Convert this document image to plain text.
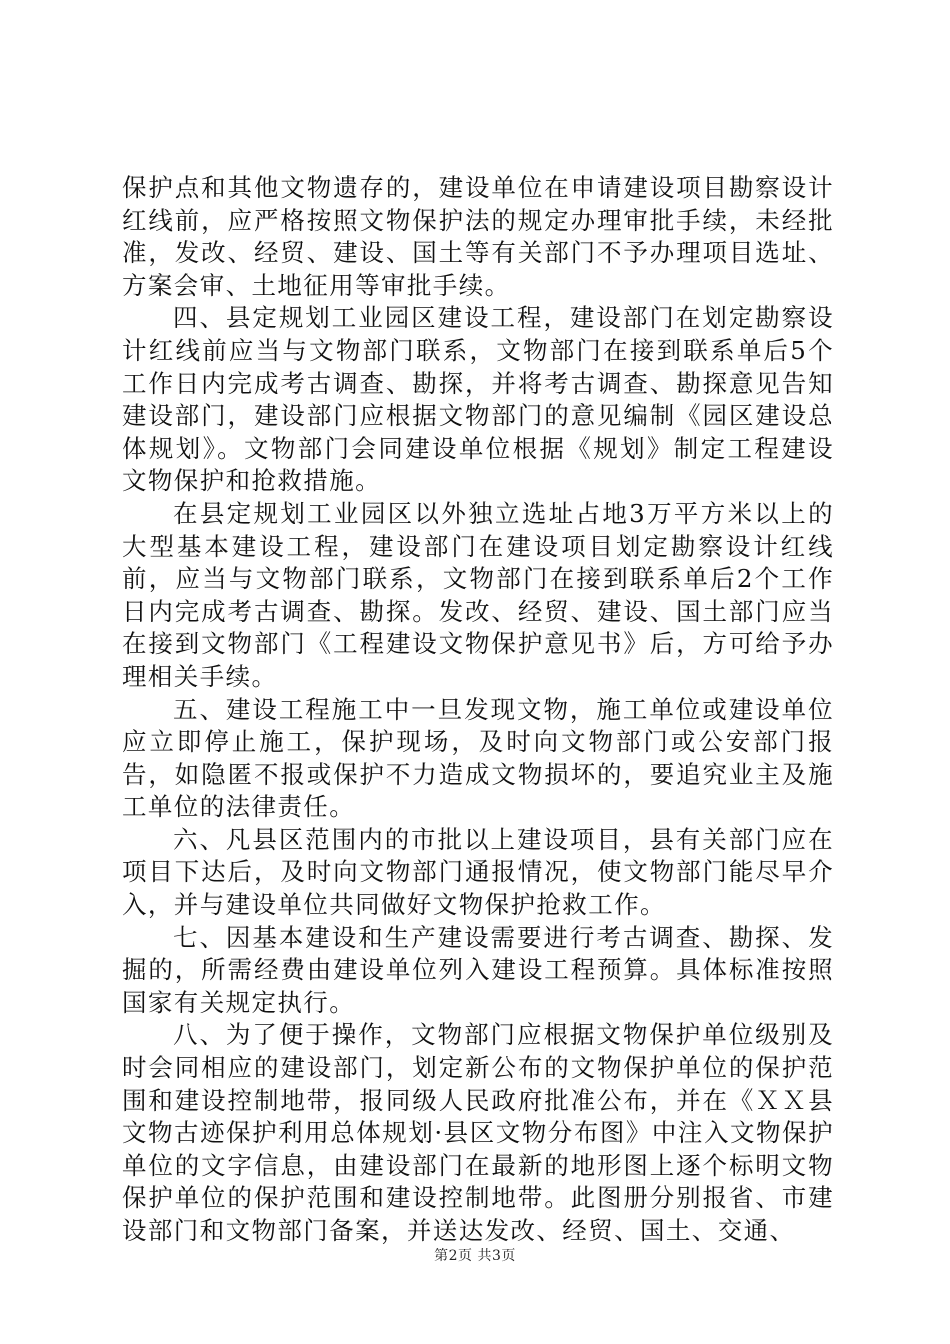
保护点和其他文物遗存的，建设单位在申请建设项目勘察设计红线前，应严格按照文物保护法的规定办理审批手续，未经批准，发改、经贸、建设、国土等有关部门不予办理项目选址、方案会审、土地征用等审批手续。

四、县定规划工业园区建设工程，建设部门在划定勘察设计红线前应当与文物部门联系，文物部门在接到联系单后5个工作日内完成考古调查、勘探，并将考古调查、勘探意见告知建设部门，建设部门应根据文物部门的意见编制《园区建设总体规划》。文物部门会同建设单位根据《规划》制定工程建设文物保护和抢救措施。

在县定规划工业园区以外独立选址占地3万平方米以上的大型基本建设工程，建设部门在建设项目划定勘察设计红线前，应当与文物部门联系，文物部门在接到联系单后2个工作日内完成考古调查、勘探。发改、经贸、建设、国土部门应当在接到文物部门《工程建设文物保护意见书》后，方可给予办理相关手续。

五、建设工程施工中一旦发现文物，施工单位或建设单位应立即停止施工，保护现场，及时向文物部门或公安部门报告，如隐匿不报或保护不力造成文物损坏的，要追究业主及施工单位的法律责任。

六、凡县区范围内的市批以上建设项目，县有关部门应在项目下达后，及时向文物部门通报情况，使文物部门能尽早介入，并与建设单位共同做好文物保护抢救工作。

七、因基本建设和生产建设需要进行考古调查、勘探、发掘的，所需经费由建设单位列入建设工程预算。具体标准按照国家有关规定执行。

八、为了便于操作，文物部门应根据文物保护单位级别及时会同相应的建设部门，划定新公布的文物保护单位的保护范围和建设控制地带，报同级人民政府批准公布，并在《ＸＸ县文物古迹保护利用总体规划·县区文物分布图》中注入文物保护单位的文字信息，由建设部门在最新的地形图上逐个标明文物保护单位的保护范围和建设控制地带。此图册分别报省、市建设部门和文物部门备案，并送达发改、经贸、国土、交通、

第2页 共3页
